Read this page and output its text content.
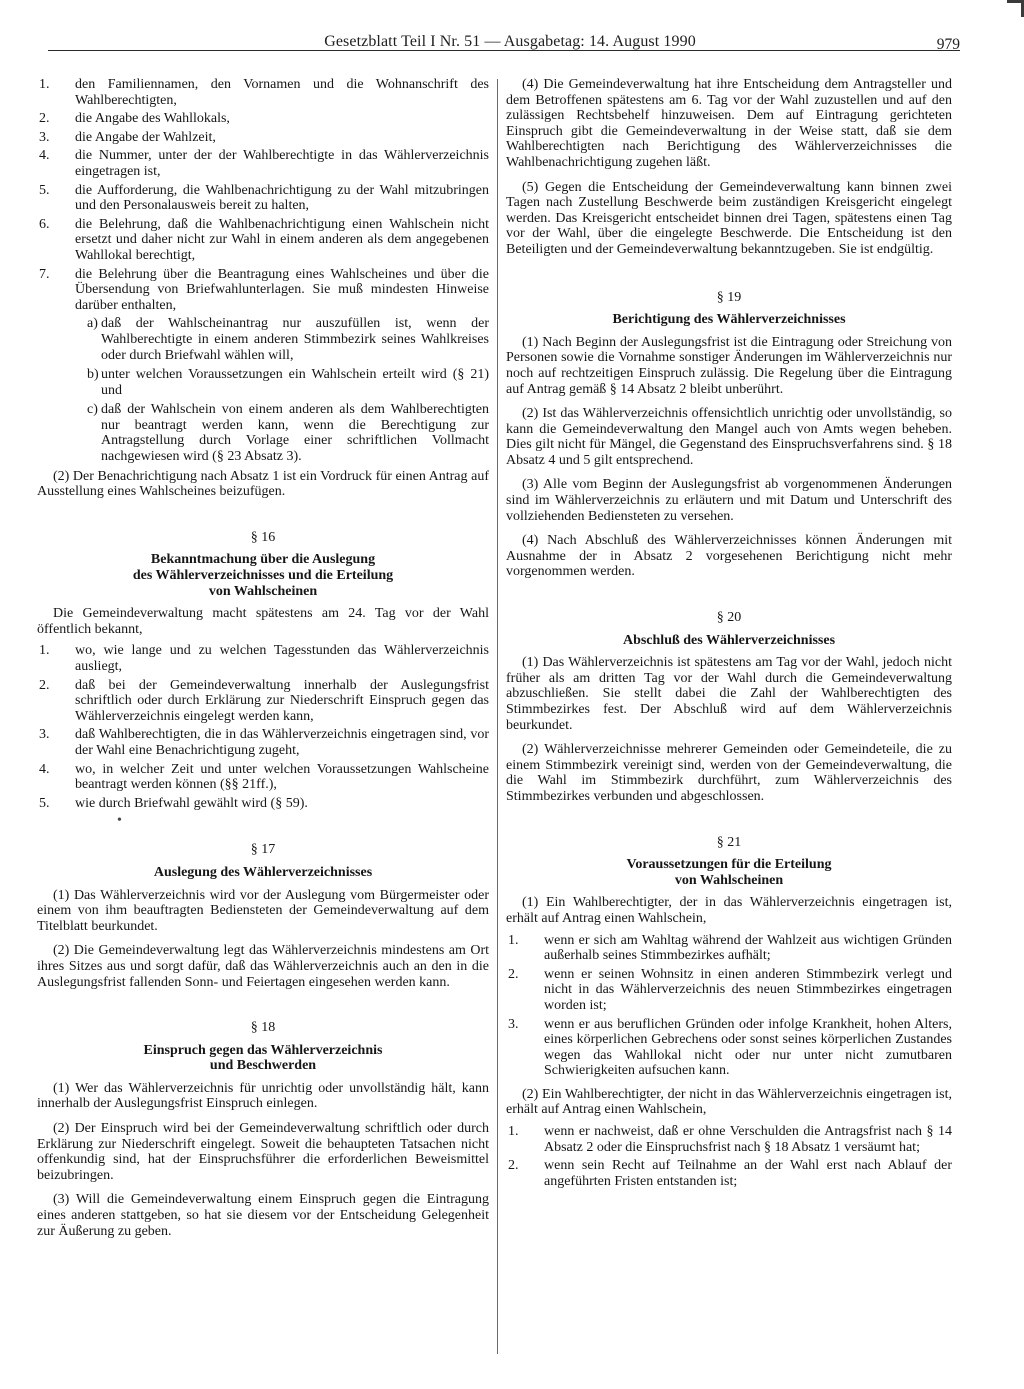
Gesetzblatt Teil I Nr. 51 — Ausgabetag: 14. August 1990	979
1.	den Familiennamen, den Vornamen und die Wohnanschrift des Wahlberechtigten,
2.	die Angabe des Wahllokals,
3.	die Angabe der Wahlzeit,
4.	die Nummer, unter der der Wahlberechtigte in das Wählerverzeichnis eingetragen ist,
5.	die Aufforderung, die Wahlbenachrichtigung zu der Wahl mitzubringen und den Personalausweis bereit zu halten,
6.	die Belehrung, daß die Wahlbenachrichtigung einen Wahlschein nicht ersetzt und daher nicht zur Wahl in einem anderen als dem angegebenen Wahllokal berechtigt,
7.	die Belehrung über die Beantragung eines Wahlscheines und über die Übersendung von Briefwahlunterlagen. Sie muß mindesten Hinweise darüber enthalten,
a) daß der Wahlscheinantrag nur auszufüllen ist, wenn der Wahlberechtigte in einem anderen Stimmbezirk seines Wahlkreises oder durch Briefwahl wählen will,
b) unter welchen Voraussetzungen ein Wahlschein erteilt wird (§ 21) und
c) daß der Wahlschein von einem anderen als dem Wahlberechtigten nur beantragt werden kann, wenn die Berechtigung zur Antragstellung durch Vorlage einer schriftlichen Vollmacht nachgewiesen wird (§ 23 Absatz 3).

(2) Der Benachrichtigung nach Absatz 1 ist ein Vordruck für einen Antrag auf Ausstellung eines Wahlscheines beizufügen.

§ 16
Bekanntmachung über die Auslegung
des Wählerverzeichnisses und die Erteilung
von Wahlscheinen

Die Gemeindeverwaltung macht spätestens am 24. Tag vor der Wahl öffentlich bekannt,

1.	wo, wie lange und zu welchen Tagesstunden das Wählerverzeichnis ausliegt,
2.	daß bei der Gemeindeverwaltung innerhalb der Auslegungsfrist schriftlich oder durch Erklärung zur Niederschrift Einspruch gegen das Wählerverzeichnis eingelegt werden kann,
3.	daß Wahlberechtigten, die in das Wählerverzeichnis eingetragen sind, vor der Wahl eine Benachrichtigung zugeht,
4.	wo, in welcher Zeit und unter welchen Voraussetzungen Wahlscheine beantragt werden können (§§ 21ff.),
5.	wie durch Briefwahl gewählt wird (§ 59).
•
§ 17
Auslegung des Wählerverzeichnisses

(1) Das Wählerverzeichnis wird vor der Auslegung vom Bürgermeister oder einem von ihm beauftragten Bediensteten der Gemeindeverwaltung auf dem Titelblatt beurkundet.

(2) Die Gemeindeverwaltung legt das Wählerverzeichnis mindestens am Ort ihres Sitzes aus und sorgt dafür, daß das Wählerverzeichnis auch an den in die Auslegungsfrist fallenden Sonn- und Feiertagen eingesehen werden kann.

§ 18
Einspruch gegen das Wählerverzeichnis
und Beschwerden

(1) Wer das Wählerverzeichnis für unrichtig oder unvollständig hält, kann innerhalb der Auslegungsfrist Einspruch einlegen.

(2) Der Einspruch wird bei der Gemeindeverwaltung schriftlich oder durch Erklärung zur Niederschrift eingelegt. Soweit die behaupteten Tatsachen nicht offenkundig sind, hat der Einspruchsführer die erforderlichen Beweismittel beizubringen.

(3) Will die Gemeindeverwaltung einem Einspruch gegen die Eintragung eines anderen stattgeben, so hat sie diesem vor der Entscheidung Gelegenheit zur Äußerung zu geben.

(4) Die Gemeindeverwaltung hat ihre Entscheidung dem Antragsteller und dem Betroffenen spätestens am 6. Tag vor der Wahl zuzustellen und auf den zulässigen Rechtsbehelf hinzuweisen. Dem auf Eintragung gerichteten Einspruch gibt die Gemeindeverwaltung in der Weise statt, daß sie dem Wahlberechtigten nach Berichtigung des Wählerverzeichnisses die Wahlbenachrichtigung zugehen läßt.

(5) Gegen die Entscheidung der Gemeindeverwaltung kann binnen zwei Tagen nach Zustellung Beschwerde beim zuständigen Kreisgericht eingelegt werden. Das Kreisgericht entscheidet binnen drei Tagen, spätestens einen Tag vor der Wahl, über die eingelegte Beschwerde. Die Entscheidung ist den Beteiligten und der Gemeindeverwaltung bekanntzugeben. Sie ist endgültig.

§ 19
Berichtigung des Wählerverzeichnisses

(1) Nach Beginn der Auslegungsfrist ist die Eintragung oder Streichung von Personen sowie die Vornahme sonstiger Änderungen im Wählerverzeichnis nur noch auf rechtzeitigen Einspruch zulässig. Die Regelung über die Eintragung auf Antrag gemäß § 14 Absatz 2 bleibt unberührt.

(2) Ist das Wählerverzeichnis offensichtlich unrichtig oder unvollständig, so kann die Gemeindeverwaltung den Mangel auch von Amts wegen beheben. Dies gilt nicht für Mängel, die Gegenstand des Einspruchsverfahrens sind. § 18 Absatz 4 und 5 gilt entsprechend.

(3) Alle vom Beginn der Auslegungsfrist ab vorgenommenen Änderungen sind im Wählerverzeichnis zu erläutern und mit Datum und Unterschrift des vollziehenden Bediensteten zu versehen.

(4) Nach Abschluß des Wählerverzeichnisses können Änderungen mit Ausnahme der in Absatz 2 vorgesehenen Berichtigung nicht mehr vorgenommen werden.

§ 20
Abschluß des Wählerverzeichnisses

(1) Das Wählerverzeichnis ist spätestens am Tag vor der Wahl, jedoch nicht früher als am dritten Tag vor der Wahl durch die Gemeindeverwaltung abzuschließen. Sie stellt dabei die Zahl der Wahlberechtigten des Stimmbezirkes fest. Der Abschluß wird auf dem Wählerverzeichnis beurkundet.

(2) Wählerverzeichnisse mehrerer Gemeinden oder Gemeindeteile, die zu einem Stimmbezirk vereinigt sind, werden von der Gemeindeverwaltung, die die Wahl im Stimmbezirk durchführt, zum Wählerverzeichnis des Stimmbezirkes verbunden und abgeschlossen.

§ 21
Voraussetzungen für die Erteilung
von Wahlscheinen

(1) Ein Wahlberechtigter, der in das Wählerverzeichnis eingetragen ist, erhält auf Antrag einen Wahlschein,

1.	wenn er sich am Wahltag während der Wahlzeit aus wichtigen Gründen außerhalb seines Stimmbezirkes aufhält;
2.	wenn er seinen Wohnsitz in einen anderen Stimmbezirk verlegt und nicht in das Wählerverzeichnis des neuen Stimmbezirkes eingetragen worden ist;
3.	wenn er aus beruflichen Gründen oder infolge Krankheit, hohen Alters, eines körperlichen Gebrechens oder sonst seines körperlichen Zustandes wegen das Wahllokal nicht oder nur unter nicht zumutbaren Schwierigkeiten aufsuchen kann.

(2) Ein Wahlberechtigter, der nicht in das Wählerverzeichnis eingetragen ist, erhält auf Antrag einen Wahlschein,

1.	wenn er nachweist, daß er ohne Verschulden die Antragsfrist nach § 14 Absatz 2 oder die Einspruchsfrist nach § 18 Absatz 1 versäumt hat;
2.	wenn sein Recht auf Teilnahme an der Wahl erst nach Ablauf der angeführten Fristen entstanden ist;
